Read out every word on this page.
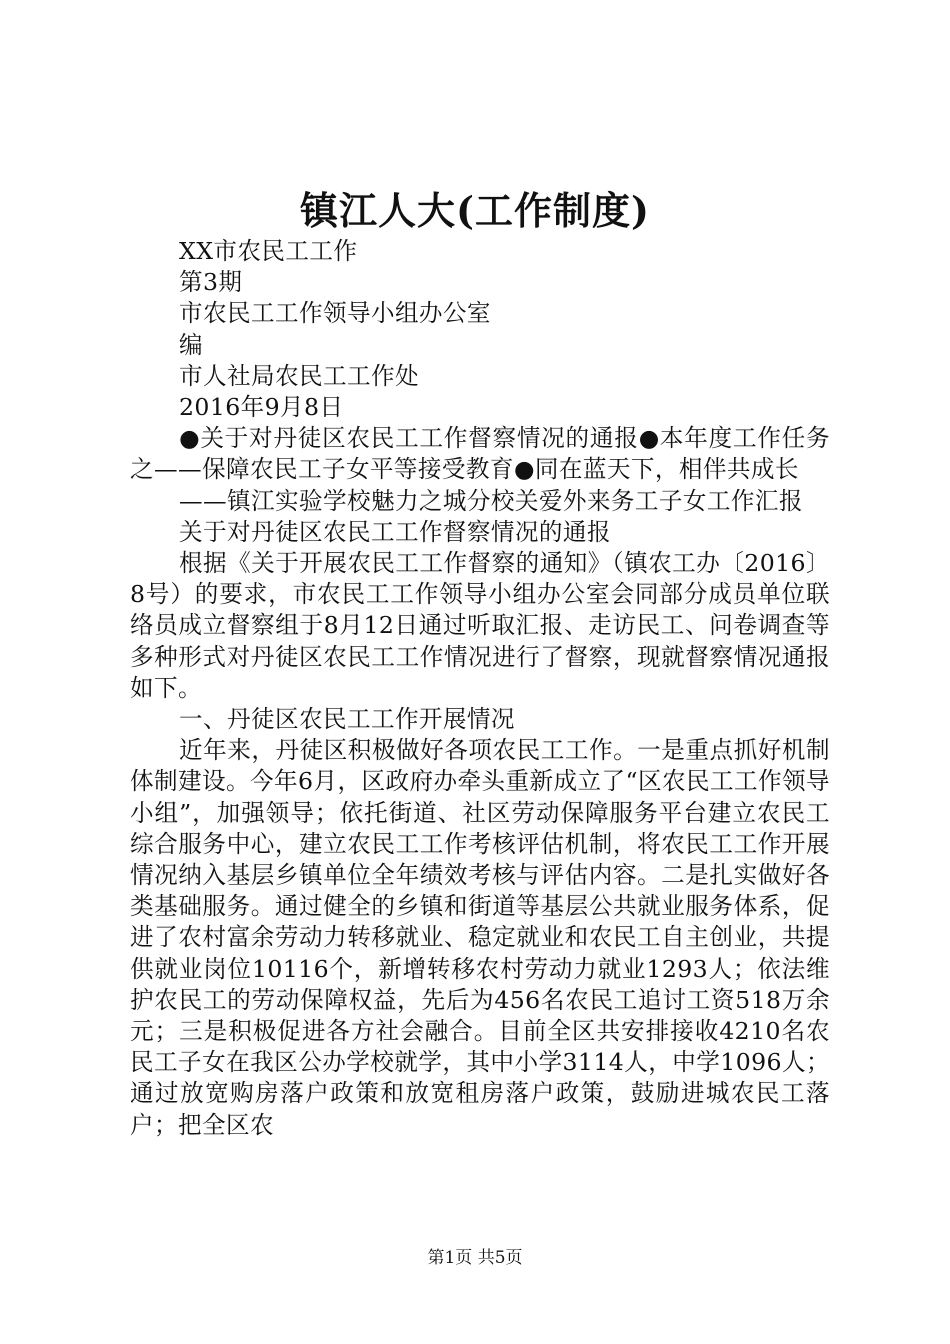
镇江人大(工作制度)
XX市农民工工作
第3期
市农民工工作领导小组办公室
编
市人社局农民工工作处
2016年9月8日
●关于对丹徒区农民工工作督察情况的通报●本年度工作任务之——保障农民工子女平等接受教育●同在蓝天下，相伴共成长
——镇江实验学校魅力之城分校关爱外来务工子女工作汇报
关于对丹徒区农民工工作督察情况的通报
根据《关于开展农民工工作督察的通知》（镇农工办〔2016〕8号）的要求，市农民工工作领导小组办公室会同部分成员单位联络员成立督察组于8月12日通过听取汇报、走访民工、问卷调查等多种形式对丹徒区农民工工作情况进行了督察，现就督察情况通报如下。
一、丹徒区农民工工作开展情况
近年来，丹徒区积极做好各项农民工工作。一是重点抓好机制体制建设。今年6月，区政府办牵头重新成立了“区农民工工作领导小组”，加强领导；依托街道、社区劳动保障服务平台建立农民工综合服务中心，建立农民工工作考核评估机制，将农民工工作开展情况纳入基层乡镇单位全年绩效考核与评估内容。二是扎实做好各类基础服务。通过健全的乡镇和街道等基层公共就业服务体系，促进了农村富余劳动力转移就业、稳定就业和农民工自主创业，共提供就业岗位10116个，新增转移农村劳动力就业1293人；依法维护农民工的劳动保障权益，先后为456名农民工追讨工资518万余元；三是积极促进各方社会融合。目前全区共安排接收4210名农民工子女在我区公办学校就学，其中小学3114人，中学1096人；通过放宽购房落户政策和放宽租房落户政策，鼓励进城农民工落户；把全区农
第1页 共5页
